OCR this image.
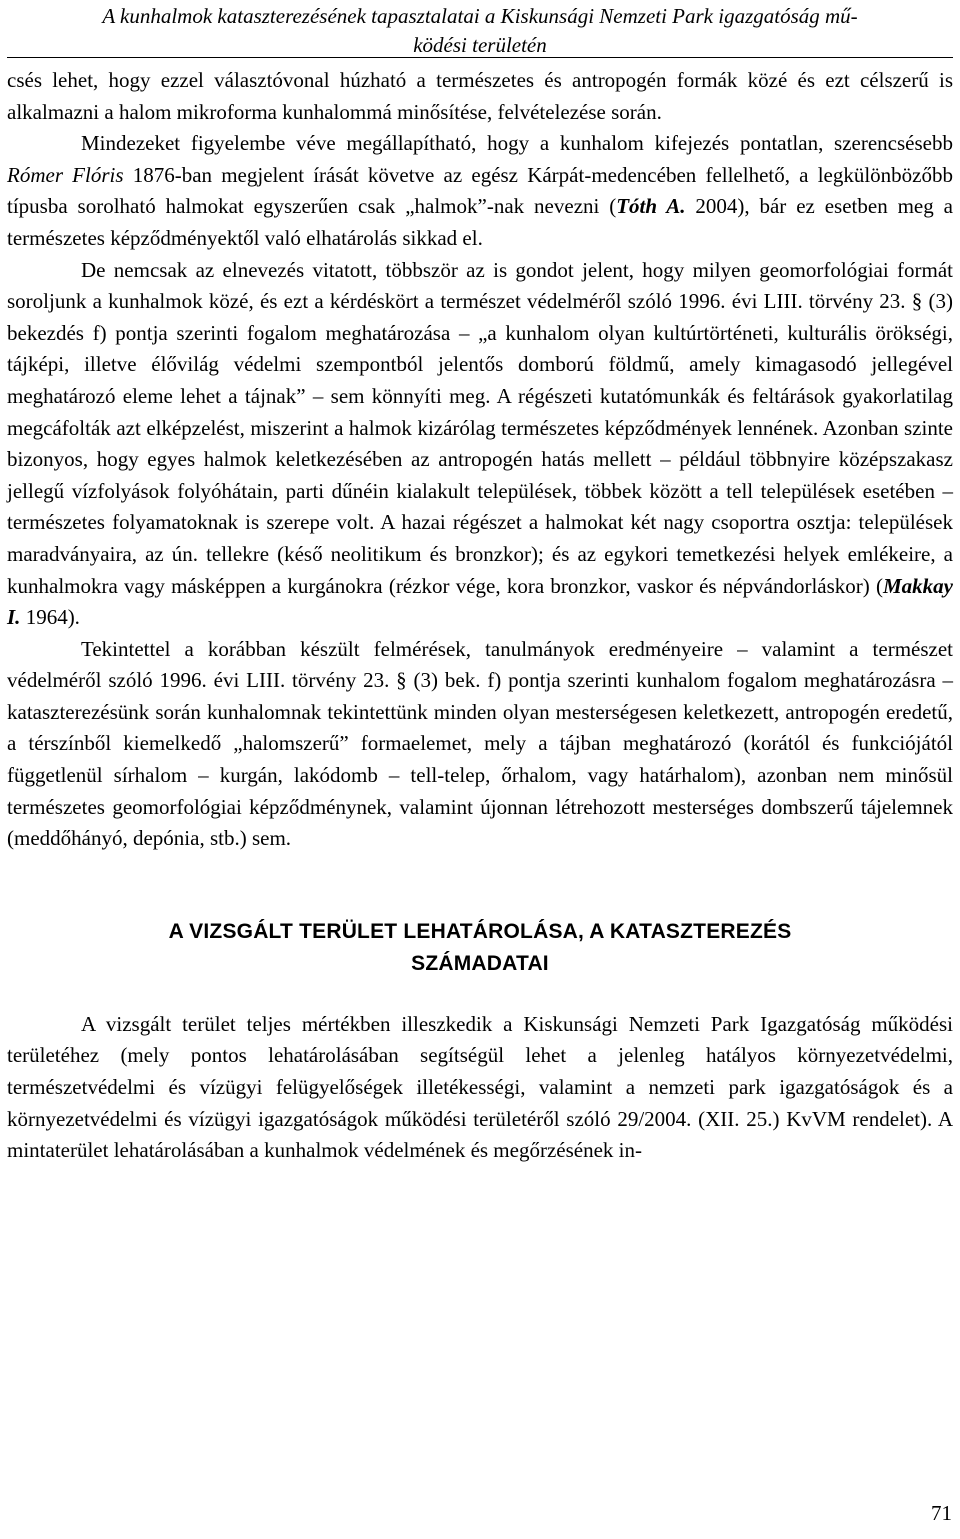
A kunhalmok kataszterezésének tapasztalatai a Kiskunsági Nemzeti Park igazgatóság mű-
ködési területén

csés lehet, hogy ezzel választóvonal húzható a természetes és antropogén formák közé és ezt célszerű is alkalmazni a halom mikroforma kunhalommá minősítése, felvételezése során.

Mindezeket figyelembe véve megállapítható, hogy a kunhalom kifejezés pontatlan, szerencsésebb Rómer Flóris 1876-ban megjelent írását követve az egész Kárpát-medencében fellelhető, a legkülönbözőbb típusba sorolható halmokat egyszerűen csak „halmok”-nak nevezni (Tóth A. 2004), bár ez esetben meg a természetes képződményektől való elhatárolás sikkad el.

De nemcsak az elnevezés vitatott, többször az is gondot jelent, hogy milyen geomorfológiai formát soroljunk a kunhalmok közé, és ezt a kérdéskört a természet védelméről szóló 1996. évi LIII. törvény 23. § (3) bekezdés f) pontja szerinti fogalom meghatározása – „a kunhalom olyan kultúrtörténeti, kulturális örökségi, tájképi, illetve élővilág védelmi szempontból jelentős domború földmű, amely kimagasodó jellegével meghatározó eleme lehet a tájnak” – sem könnyíti meg. A régészeti kutatómunkák és feltárások gyakorlatilag megcáfolták azt elképzelést, miszerint a halmok kizárólag természetes képződmények lennének. Azonban szinte bizonyos, hogy egyes halmok keletkezésében az antropogén hatás mellett – például többnyire középszakasz jellegű vízfolyások folyóhátain, parti dűnéin kialakult települések, többek között a tell települések esetében – természetes folyamatoknak is szerepe volt. A hazai régészet a halmokat két nagy csoportra osztja: települések maradványaira, az ún. tellekre (késő neolitikum és bronzkor); és az egykori temetkezési helyek emlékeire, a kunhalmokra vagy másképpen a kurgánokra (rézkor vége, kora bronzkor, vaskor és népvándorláskor) (Makkay I. 1964).

Tekintettel a korábban készült felmérések, tanulmányok eredményeire – valamint a természet védelméről szóló 1996. évi LIII. törvény 23. § (3) bek. f) pontja szerinti kunhalom fogalom meghatározásra – kataszterezésünk során kunhalomnak tekintettünk minden olyan mesterségesen keletkezett, antropogén eredetű, a térszínből kiemelkedő „halomszerű” formaelemet, mely a tájban meghatározó (korától és funkciójától függetlenül sírhalom – kurgán, lakódomb – tell-telep, őrhalom, vagy határhalom), azonban nem minősül természetes geomorfológiai képződménynek, valamint újonnan létrehozott mesterséges dombszerű tájelemnek (meddőhányó, depónia, stb.) sem.

A VIZSGÁLT TERÜLET LEHATÁROLÁSA, A KATASZTEREZÉS
SZÁMADATAI

A vizsgált terület teljes mértékben illeszkedik a Kiskunsági Nemzeti Park Igazgatóság működési területéhez (mely pontos lehatárolásában segítségül lehet a jelenleg hatályos környezetvédelmi, természetvédelmi és vízügyi felügyelőségek illetékességi, valamint a nemzeti park igazgatóságok és a környezetvédelmi és vízügyi igazgatóságok működési területéről szóló 29/2004. (XII. 25.) KvVM rendelet). A mintaterület lehatárolásában a kunhalmok védelmének és megőrzésének in-

71
